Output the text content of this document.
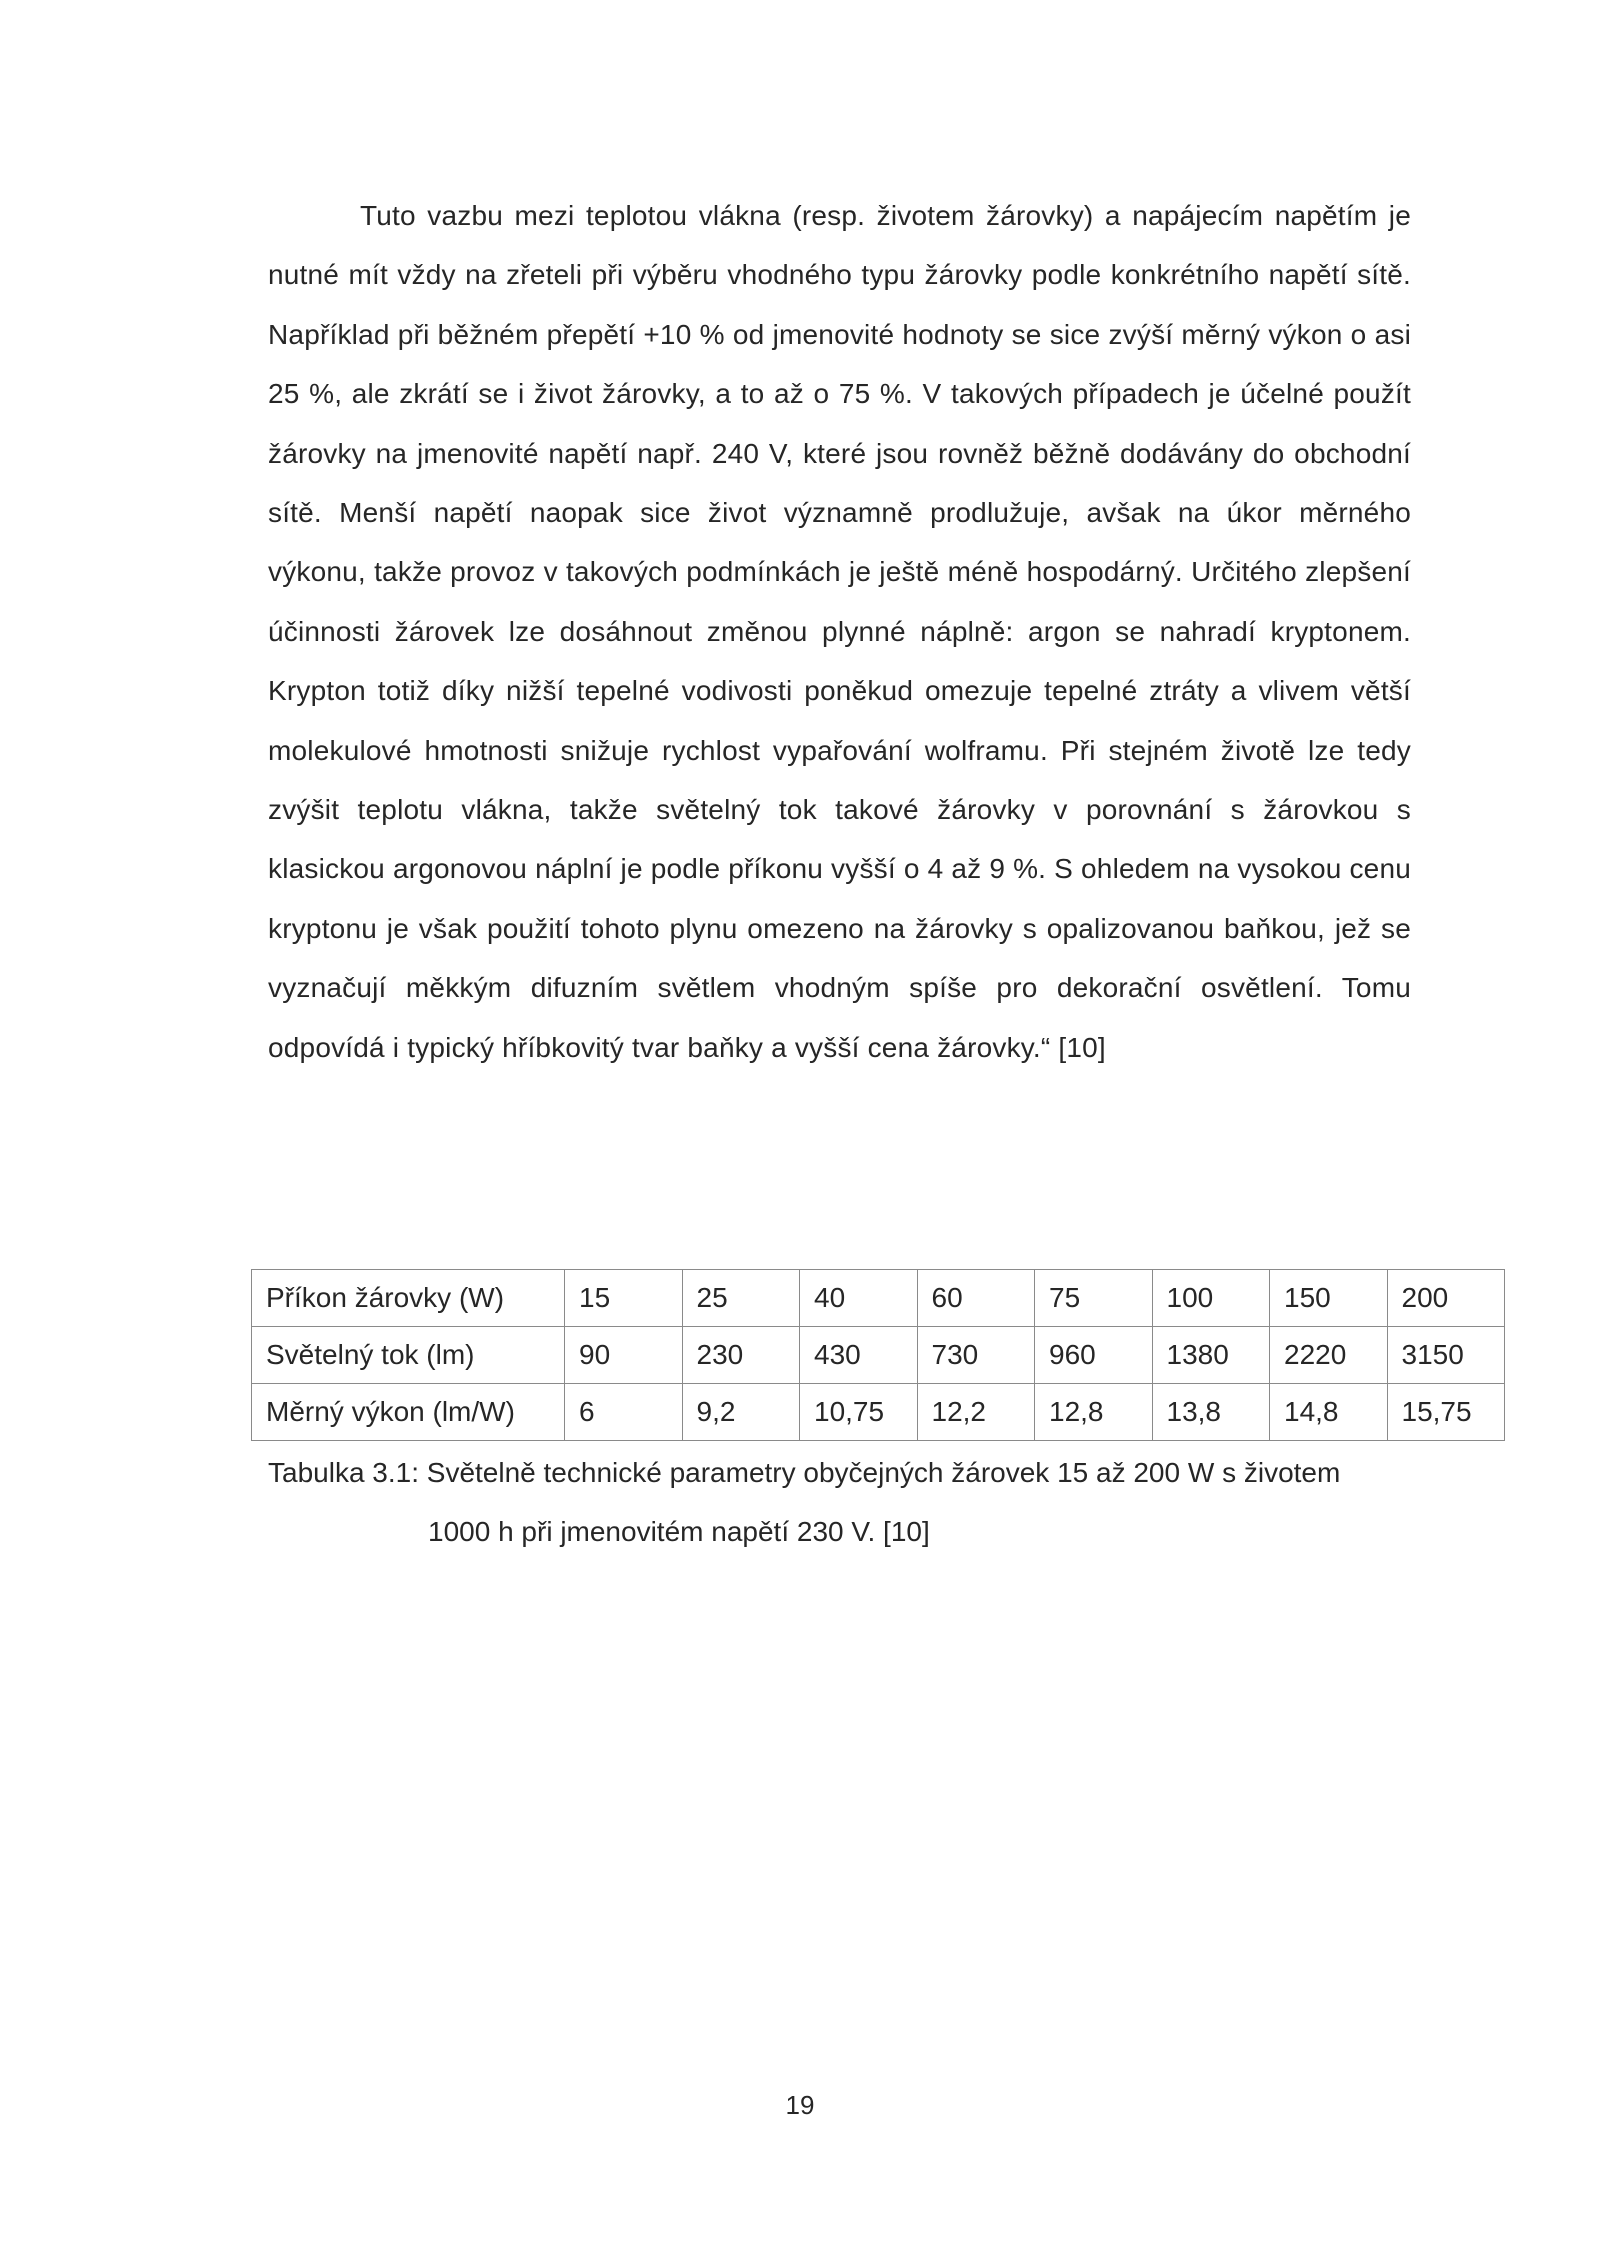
Tuto vazbu mezi teplotou vlákna (resp. životem žárovky) a napájecím napětím je nutné mít vždy na zřeteli při výběru vhodného typu žárovky podle konkrétního napětí sítě. Například při běžném přepětí +10 % od jmenovité hodnoty se sice zvýší měrný výkon o asi 25 %, ale zkrátí se i život žárovky, a to až o 75 %. V takových případech je účelné použít žárovky na jmenovité napětí např. 240 V, které jsou rovněž běžně dodávány do obchodní sítě. Menší napětí naopak sice život významně prodlužuje, avšak na úkor měrného výkonu, takže provoz v takových podmínkách je ještě méně hospodárný. Určitého zlepšení účinnosti žárovek lze dosáhnout změnou plynné náplně: argon se nahradí kryptonem. Krypton totiž díky nižší tepelné vodivosti poněkud omezuje tepelné ztráty a vlivem větší molekulové hmotnosti snižuje rychlost vypařování wolframu. Při stejném životě lze tedy zvýšit teplotu vlákna, takže světelný tok takové žárovky v porovnání s žárovkou s klasickou argonovou náplní je podle příkonu vyšší o 4 až 9 %. S ohledem na vysokou cenu kryptonu je však použití tohoto plynu omezeno na žárovky s opalizovanou baňkou, jež se vyznačují měkkým difuzním světlem vhodným spíše pro dekorační osvětlení. Tomu odpovídá i typický hříbkovitý tvar baňky a vyšší cena žárovky.“ [10]

Příkon žárovky (W)	15	25	40	60	75	100	150	200
Světelný tok (lm)	90	230	430	730	960	1380	2220	3150
Měrný výkon (lm/W)	6	9,2	10,75	12,2	12,8	13,8	14,8	15,75
Tabulka 3.1: Světelně technické parametry obyčejných žárovek 15 až 200 W s životem
1000 h při jmenovitém napětí 230 V. [10]
19
